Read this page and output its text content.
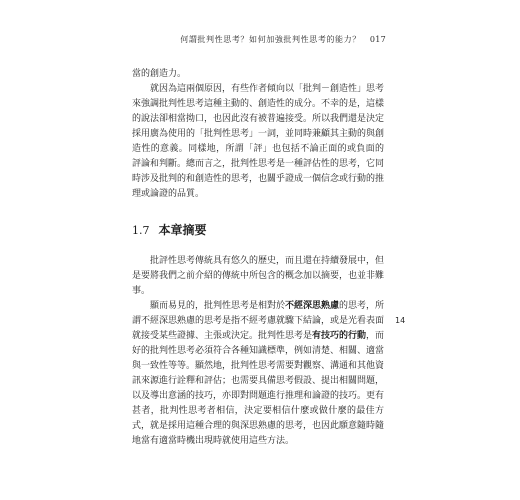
何謂批判性思考？如何加強批判性思考的能力？ 017
當的創造力。
就因為這兩個原因，有些作者傾向以「批判－創造性」思考
來強調批判性思考這種主動的、創造性的成分。不幸的是，這樣
的說法卻相當拗口，也因此沒有被普遍接受。所以我們還是決定
採用廣為使用的「批判性思考」一詞，並同時兼顧其主動的與創
造性的意義。同樣地，所謂「評」也包括不論正面的或負面的
評論和判斷。總而言之，批判性思考是一種評估性的思考，它同
時涉及批判的和創造性的思考，也關乎證成一個信念或行動的推
理或論證的品質。
1.7 本章摘要
批評性思考傳統具有悠久的歷史，而且還在持續發展中，但
是要將我們之前介紹的傳統中所包含的概念加以摘要，也並非難
事。
顯而易見的，批判性思考是相對於不經深思熟慮的思考，所
謂不經深思熟慮的思考是指不經考慮就驟下結論，或是光看表面
就接受某些證據、主張或決定。批判性思考是有技巧的行動，而
好的批判性思考必須符合各種知識標準，例如清楚、相關、適當
與一致性等等。顯然地，批判性思考需要對觀察、溝通和其他資
訊來源進行詮釋和評估；也需要具備思考假設、提出相關問題，
以及導出意涵的技巧，亦即對問題進行推理和論證的技巧。更有
甚者，批判性思考者相信，決定要相信什麼或做什麼的最佳方
式，就是採用這種合理的與深思熟慮的思考，也因此願意隨時隨
地當有適當時機出現時就使用這些方法。
14
